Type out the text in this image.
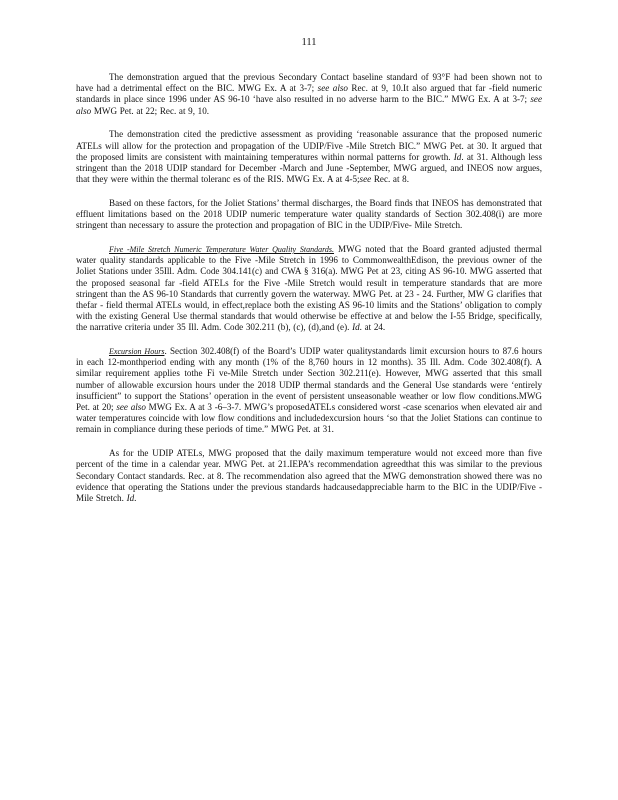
111

The demonstration argued that the previous Secondary Contact baseline standard of 93°F had been shown not to have had a detrimental effect on the BIC. MWG Ex. A at 3-7; see also Rec. at 9, 10.It also argued that far -field numeric standards in place since 1996 under AS 96-10 ‘have also resulted in no adverse harm to the BIC.” MWG Ex. A at 3-7; see also MWG Pet. at 22; Rec. at 9, 10.

The demonstration cited the predictive assessment as providing ‘reasonable assurance that the proposed numeric ATELs will allow for the protection and propagation of the UDIP/Five -Mile Stretch BIC.” MWG Pet. at 30. It argued that the proposed limits are consistent with maintaining temperatures within normal patterns for growth. Id. at 31. Although less stringent than the 2018 UDIP standard for December -March and June -September, MWG argued, and INEOS now argues, that they were within the thermal toleranc es of the RIS. MWG Ex. A at 4-5;see Rec. at 8.

Based on these factors, for the Joliet Stations’ thermal discharges, the Board finds that INEOS has demonstrated that effluent limitations based on the 2018 UDIP numeric temperature water quality standards of Section 302.408(i) are more stringent than necessary to assure the protection and propagation of BIC in the UDIP/Five- Mile Stretch.

Five -Mile Stretch Numeric Temperature Water Quality Standards. MWG noted that the Board granted adjusted thermal water quality standards applicable to the Five -Mile Stretch in 1996 to CommonwealthEdison, the previous owner of the Joliet Stations under 35Ill. Adm. Code 304.141(c) and CWA § 316(a). MWG Pet at 23, citing AS 96-10. MWG asserted that the proposed seasonal far -field ATELs for the Five -Mile Stretch would result in temperature standards that are more stringent than the AS 96-10 Standards that currently govern the waterway. MWG Pet. at 23 - 24. Further, MW G clarifies that thefar - field thermal ATELs would, in effect,replace both the existing AS 96-10 limits and the Stations’ obligation to comply with the existing General Use thermal standards that would otherwise be effective at and below the I-55 Bridge, specifically, the narrative criteria under 35 Ill. Adm. Code 302.211 (b), (c), (d),and (e). Id. at 24.

Excursion Hours. Section 302.408(f) of the Board’s UDIP water qualitystandards limit excursion hours to 87.6 hours in each 12-monthperiod ending with any month (1% of the 8,760 hours in 12 months). 35 Ill. Adm. Code 302.408(f). A similar requirement applies tothe Fi ve-Mile Stretch under Section 302.211(e). However, MWG asserted that this small number of allowable excursion hours under the 2018 UDIP thermal standards and the General Use standards were ‘entirely insufficient” to support the Stations’ operation in the event of persistent unseasonable weather or low flow conditions.MWG Pet. at 20; see also MWG Ex. A at 3 -6–3-7. MWG’s proposedATELs considered worst -case scenarios when elevated air and water temperatures coincide with low flow conditions and includedexcursion hours ‘so that the Joliet Stations can continue to remain in compliance during these periods of time.” MWG Pet. at 31.

As for the UDIP ATELs, MWG proposed that the daily maximum temperature would not exceed more than five percent of the time in a calendar year. MWG Pet. at 21.IEPA’s recommendation agreedthat this was similar to the previous Secondary Contact standards. Rec. at 8. The recommendation also agreed that the MWG demonstration showed there was no evidence that operating the Stations under the previous standards hadcausedappreciable harm to the BIC in the UDIP/Five -Mile Stretch. Id.
